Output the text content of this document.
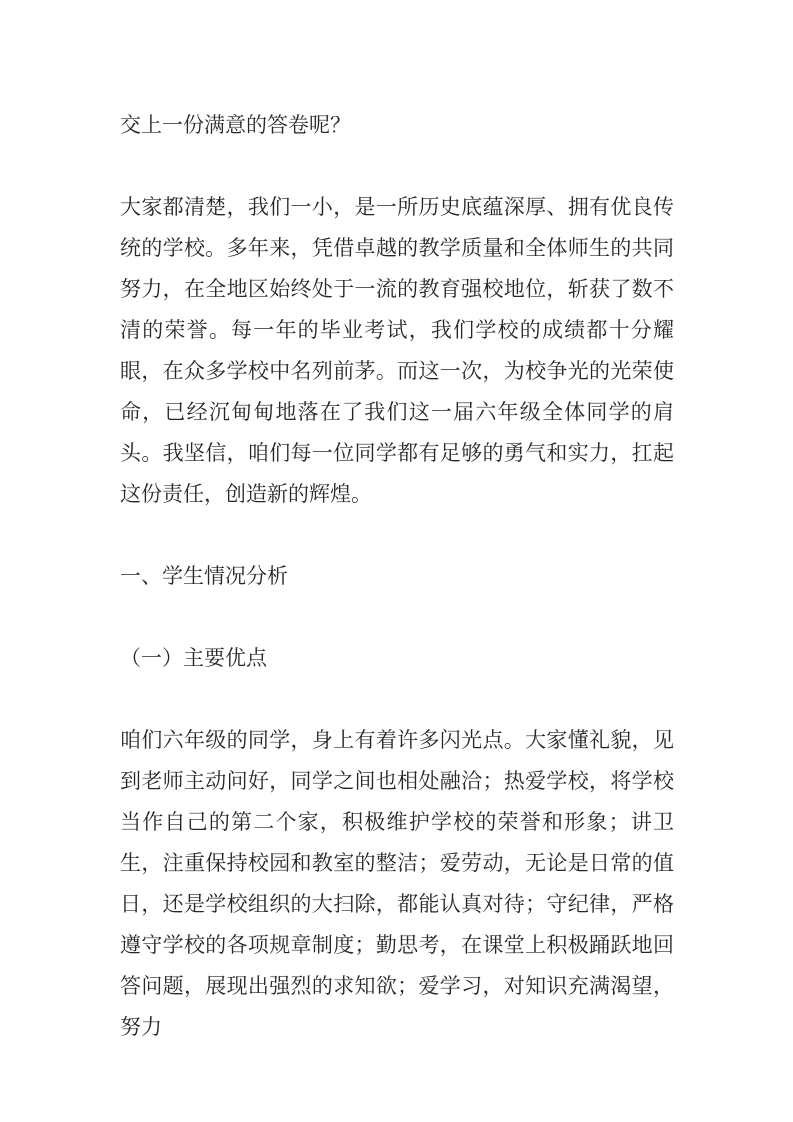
交上一份满意的答卷呢？

大家都清楚，我们一小，是一所历史底蕴深厚、拥有优良传统的学校。多年来，凭借卓越的教学质量和全体师生的共同努力，在全地区始终处于一流的教育强校地位，斩获了数不清的荣誉。每一年的毕业考试，我们学校的成绩都十分耀眼，在众多学校中名列前茅。而这一次，为校争光的光荣使命，已经沉甸甸地落在了我们这一届六年级全体同学的肩头。我坚信，咱们每一位同学都有足够的勇气和实力，扛起这份责任，创造新的辉煌。

一、学生情况分析

（一）主要优点

咱们六年级的同学，身上有着许多闪光点。大家懂礼貌，见到老师主动问好，同学之间也相处融洽；热爱学校，将学校当作自己的第二个家，积极维护学校的荣誉和形象；讲卫生，注重保持校园和教室的整洁；爱劳动，无论是日常的值日，还是学校组织的大扫除，都能认真对待；守纪律，严格遵守学校的各项规章制度；勤思考，在课堂上积极踊跃地回答问题，展现出强烈的求知欲；爱学习，对知识充满渴望，努力
